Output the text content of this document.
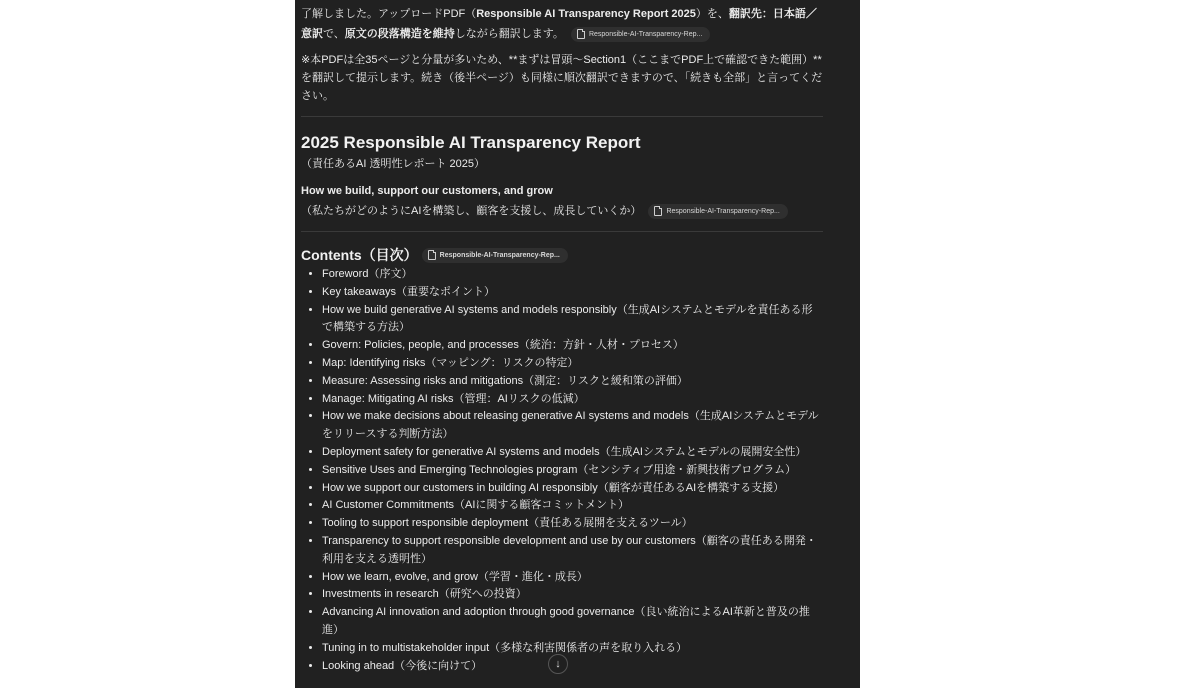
了解しました。アップロードPDF（Responsible AI Transparency Report 2025）を、翻訳先：日本語／意訳で、原文の段落構造を維持しながら翻訳します。	Responsible-AI-Transparency-Rep...

※本PDFは全35ページと分量が多いため、**まずは冒頭〜Section1（ここまでPDF上で確認できた範囲）**を翻訳して提示します。続き（後半ページ）も同様に順次翻訳できますので、「続きも全部」と言ってください。

2025 Responsible AI Transparency Report

（責任あるAI 透明性レポート 2025）

How we build, support our customers, and grow

（私たちがどのようにAIを構築し、顧客を支援し、成長していくか）	Responsible-AI-Transparency-Rep...

Contents（目次）	Responsible-AI-Transparency-Rep...
• Foreword（序文）
• Key takeaways（重要なポイント）
• How we build generative AI systems and models responsibly（生成AIシステムとモデルを責任ある形で構築する方法）
• Govern: Policies, people, and processes（統治：方針・人材・プロセス）
• Map: Identifying risks（マッピング：リスクの特定）
• Measure: Assessing risks and mitigations（測定：リスクと緩和策の評価）
• Manage: Mitigating AI risks（管理：AIリスクの低減）
• How we make decisions about releasing generative AI systems and models（生成AIシステムとモデルをリリースする判断方法）
• Deployment safety for generative AI systems and models（生成AIシステムとモデルの展開安全性）
• Sensitive Uses and Emerging Technologies program（センシティブ用途・新興技術プログラム）
• How we support our customers in building AI responsibly（顧客が責任あるAIを構築する支援）
• AI Customer Commitments（AIに関する顧客コミットメント）
• Tooling to support responsible deployment（責任ある展開を支えるツール）
• Transparency to support responsible development and use by our customers（顧客の責任ある開発・利用を支える透明性）
• How we learn, evolve, and grow（学習・進化・成長）
• Investments in research（研究への投資）
• Advancing AI innovation and adoption through good governance（良い統治によるAI革新と普及の推進）
• Tuning in to multistakeholder input（多様な利害関係者の声を取り入れる）
• Looking ahead（今後に向けて）	↓
